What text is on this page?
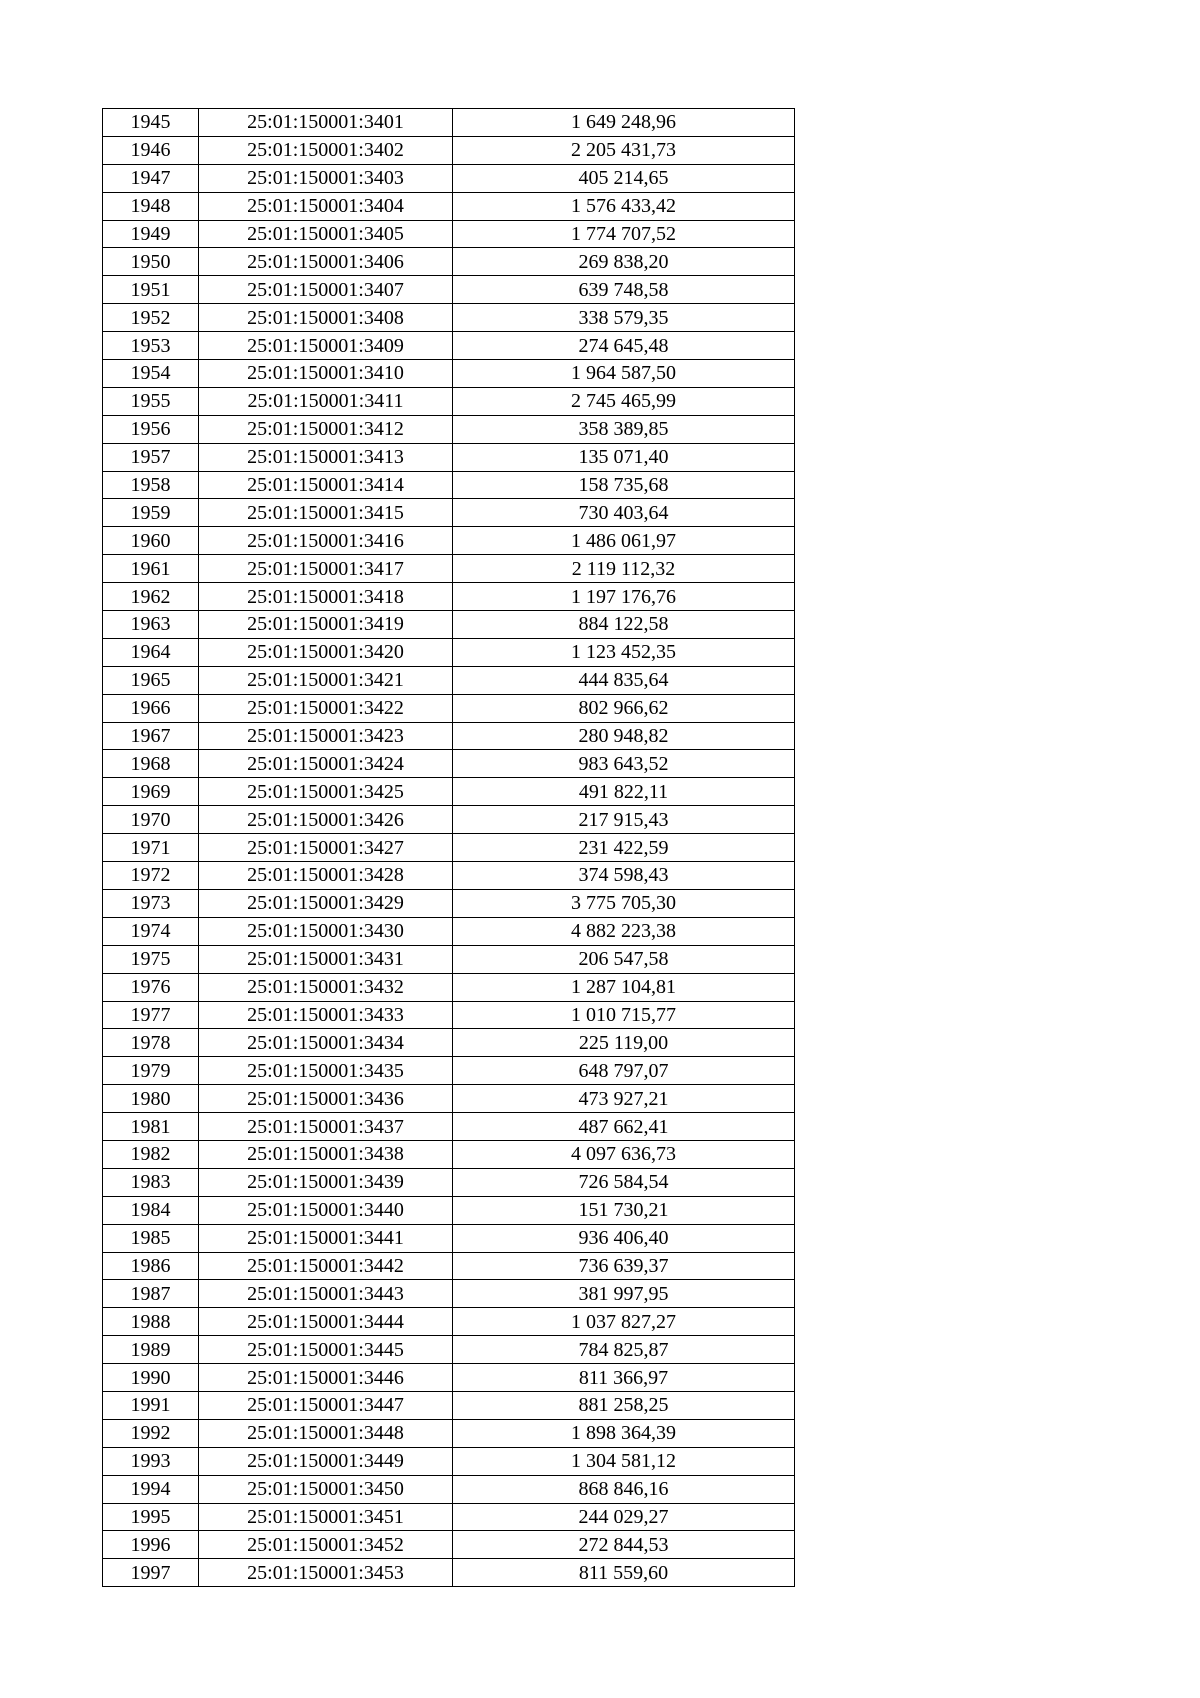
1945	25:01:150001:3401	1 649 248,96
1946	25:01:150001:3402	2 205 431,73
1947	25:01:150001:3403	405 214,65
1948	25:01:150001:3404	1 576 433,42
1949	25:01:150001:3405	1 774 707,52
1950	25:01:150001:3406	269 838,20
1951	25:01:150001:3407	639 748,58
1952	25:01:150001:3408	338 579,35
1953	25:01:150001:3409	274 645,48
1954	25:01:150001:3410	1 964 587,50
1955	25:01:150001:3411	2 745 465,99
1956	25:01:150001:3412	358 389,85
1957	25:01:150001:3413	135 071,40
1958	25:01:150001:3414	158 735,68
1959	25:01:150001:3415	730 403,64
1960	25:01:150001:3416	1 486 061,97
1961	25:01:150001:3417	2 119 112,32
1962	25:01:150001:3418	1 197 176,76
1963	25:01:150001:3419	884 122,58
1964	25:01:150001:3420	1 123 452,35
1965	25:01:150001:3421	444 835,64
1966	25:01:150001:3422	802 966,62
1967	25:01:150001:3423	280 948,82
1968	25:01:150001:3424	983 643,52
1969	25:01:150001:3425	491 822,11
1970	25:01:150001:3426	217 915,43
1971	25:01:150001:3427	231 422,59
1972	25:01:150001:3428	374 598,43
1973	25:01:150001:3429	3 775 705,30
1974	25:01:150001:3430	4 882 223,38
1975	25:01:150001:3431	206 547,58
1976	25:01:150001:3432	1 287 104,81
1977	25:01:150001:3433	1 010 715,77
1978	25:01:150001:3434	225 119,00
1979	25:01:150001:3435	648 797,07
1980	25:01:150001:3436	473 927,21
1981	25:01:150001:3437	487 662,41
1982	25:01:150001:3438	4 097 636,73
1983	25:01:150001:3439	726 584,54
1984	25:01:150001:3440	151 730,21
1985	25:01:150001:3441	936 406,40
1986	25:01:150001:3442	736 639,37
1987	25:01:150001:3443	381 997,95
1988	25:01:150001:3444	1 037 827,27
1989	25:01:150001:3445	784 825,87
1990	25:01:150001:3446	811 366,97
1991	25:01:150001:3447	881 258,25
1992	25:01:150001:3448	1 898 364,39
1993	25:01:150001:3449	1 304 581,12
1994	25:01:150001:3450	868 846,16
1995	25:01:150001:3451	244 029,27
1996	25:01:150001:3452	272 844,53
1997	25:01:150001:3453	811 559,60
